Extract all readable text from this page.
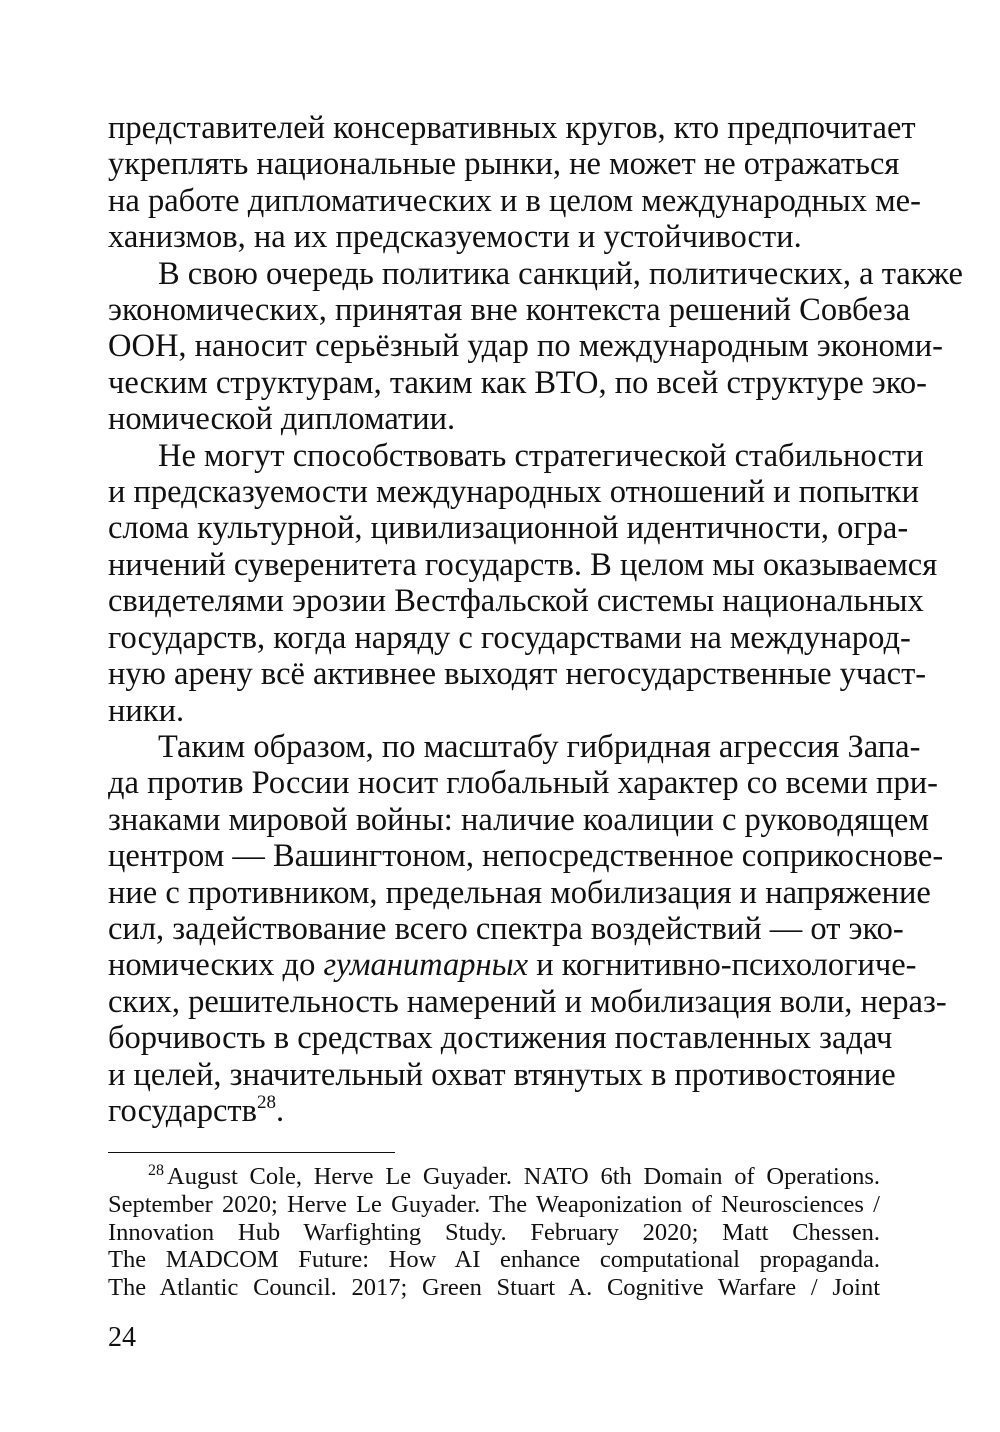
представителей консервативных кругов, кто предпочитает
укреплять национальные рынки, не может не отражаться
на работе дипломатических и в целом международных ме-
ханизмов, на их предсказуемости и устойчивости.
В свою очередь политика санкций, политических, а также
экономических, принятая вне контекста решений Совбеза
ООН, наносит серьёзный удар по международным экономи-
ческим структурам, таким как ВТО, по всей структуре эко-
номической дипломатии.
Не могут способствовать стратегической стабильности
и предсказуемости международных отношений и попытки
слома культурной, цивилизационной идентичности, огра-
ничений суверенитета государств. В целом мы оказываемся
свидетелями эрозии Вестфальской системы национальных
государств, когда наряду с государствами на международ-
ную арену всё активнее выходят негосударственные участ-
ники.
Таким образом, по масштабу гибридная агрессия Запа-
да против России носит глобальный характер со всеми при-
знаками мировой войны: наличие коалиции с руководящем
центром — Вашингтоном, непосредственное соприкоснове-
ние с противником, предельная мобилизация и напряжение
сил, задействование всего спектра воздействий — от эко-
номических до гуманитарных и когнитивно-психологиче-
ских, решительность намерений и мобилизация воли, нераз-
борчивость в средствах достижения поставленных задач
и целей, значительный охват втянутых в противостояние
государств$^{28}$.
$^{28}$ August Cole, Herve Le Guyader. NATO 6th Domain of Operations.
September 2020; Herve Le Guyader. The Weaponization of Neurosciences /
Innovation Hub Warfighting Study. February 2020; Matt Chessen.
The MADCOM Future: How AI enhance computational propaganda.
The Atlantic Council. 2017; Green Stuart A. Cognitive Warfare / Joint
24
